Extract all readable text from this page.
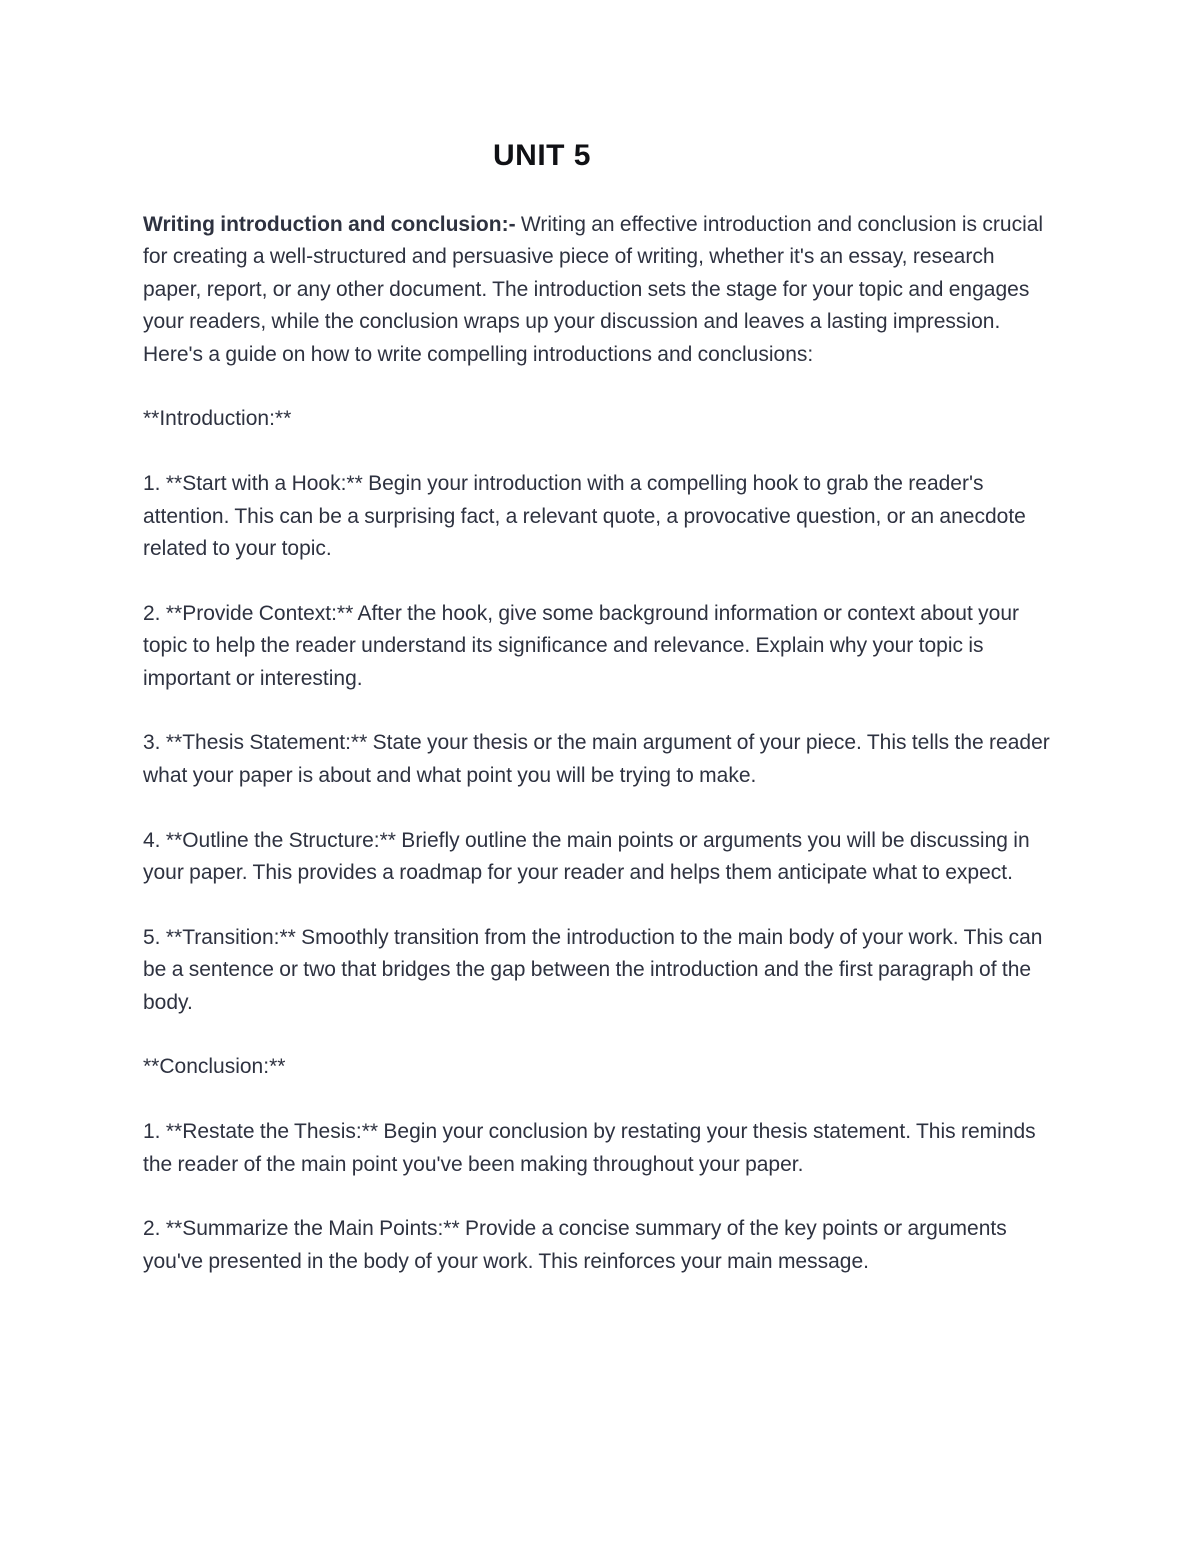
UNIT 5

Writing introduction and conclusion:- Writing an effective introduction and conclusion is crucial for creating a well-structured and persuasive piece of writing, whether it's an essay, research paper, report, or any other document. The introduction sets the stage for your topic and engages your readers, while the conclusion wraps up your discussion and leaves a lasting impression. Here's a guide on how to write compelling introductions and conclusions:

**Introduction:**

1. **Start with a Hook:** Begin your introduction with a compelling hook to grab the reader's attention. This can be a surprising fact, a relevant quote, a provocative question, or an anecdote related to your topic.

2. **Provide Context:** After the hook, give some background information or context about your topic to help the reader understand its significance and relevance. Explain why your topic is important or interesting.

3. **Thesis Statement:** State your thesis or the main argument of your piece. This tells the reader what your paper is about and what point you will be trying to make.

4. **Outline the Structure:** Briefly outline the main points or arguments you will be discussing in your paper. This provides a roadmap for your reader and helps them anticipate what to expect.

5. **Transition:** Smoothly transition from the introduction to the main body of your work. This can be a sentence or two that bridges the gap between the introduction and the first paragraph of the body.

**Conclusion:**

1. **Restate the Thesis:** Begin your conclusion by restating your thesis statement. This reminds the reader of the main point you've been making throughout your paper.

2. **Summarize the Main Points:** Provide a concise summary of the key points or arguments you've presented in the body of your work. This reinforces your main message.
